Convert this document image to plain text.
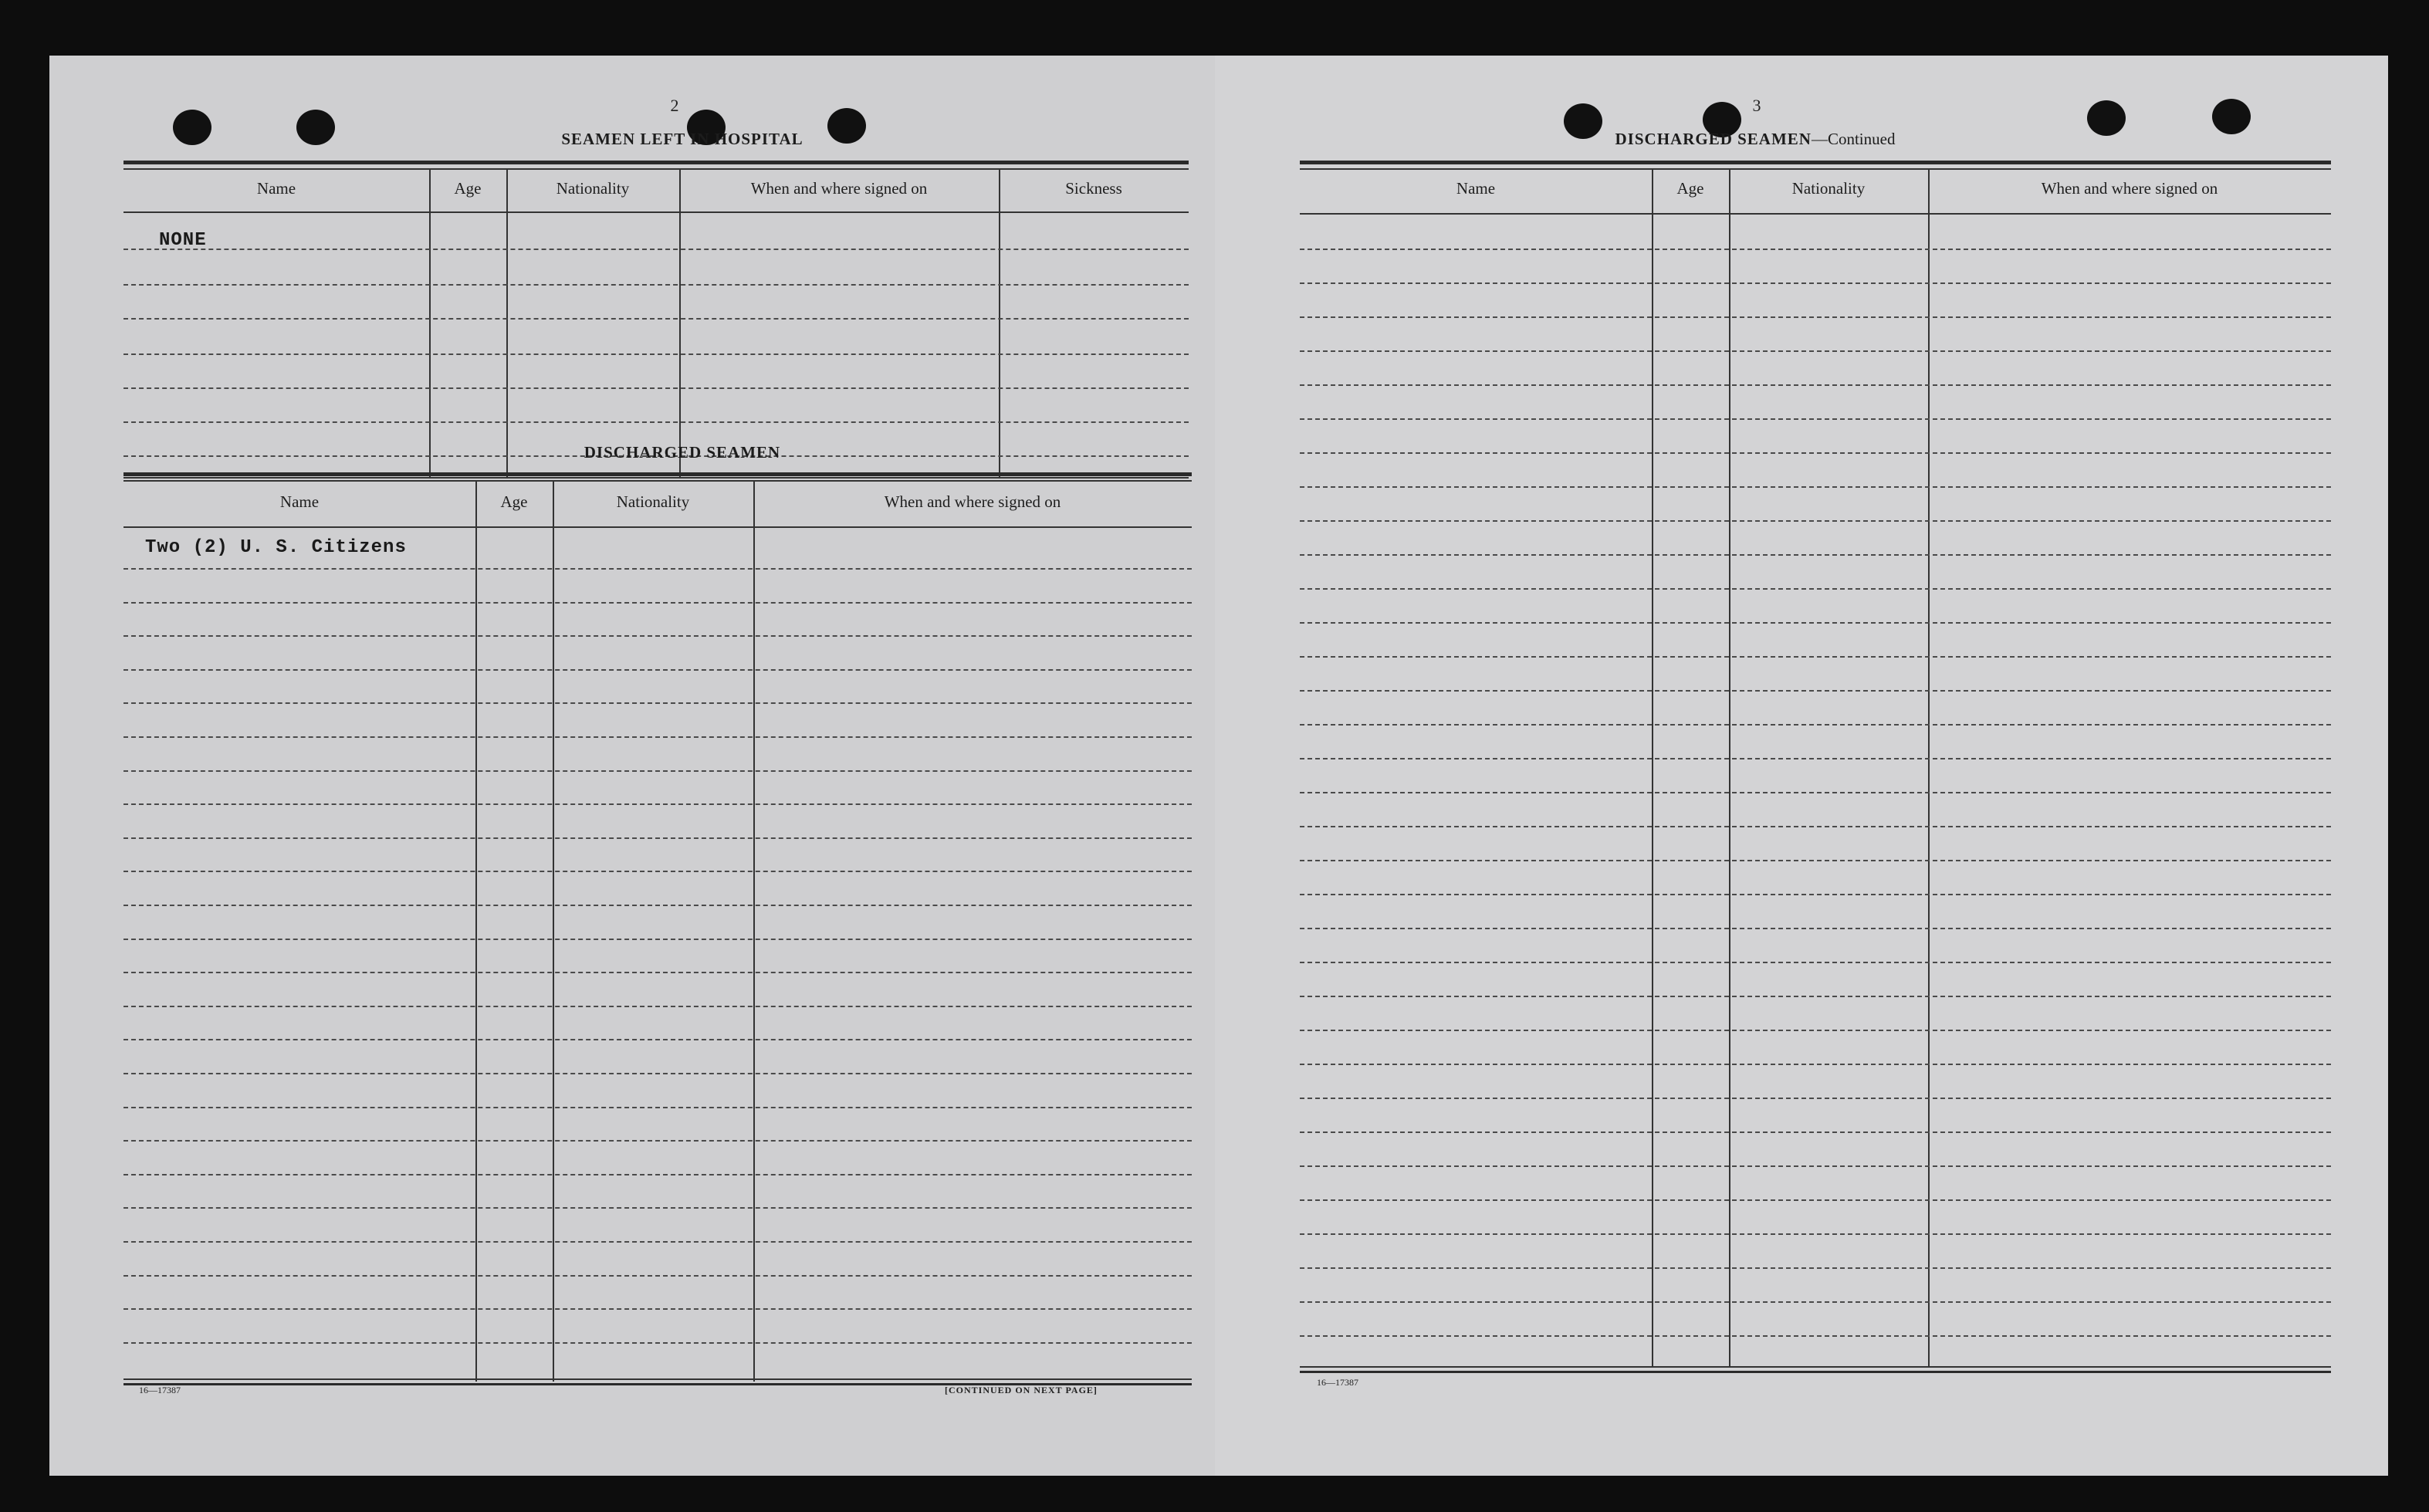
2
SEAMEN LEFT IN HOSPITAL
Name	Age	Nationality	When and where signed on	Sickness
NONE
DISCHARGED SEAMEN
Name	Age	Nationality	When and where signed on
Two (2) U. S. Citizens
16—17387	[CONTINUED ON NEXT PAGE]
3
DISCHARGED SEAMEN—Continued
Name	Age	Nationality	When and where signed on
16—17387
